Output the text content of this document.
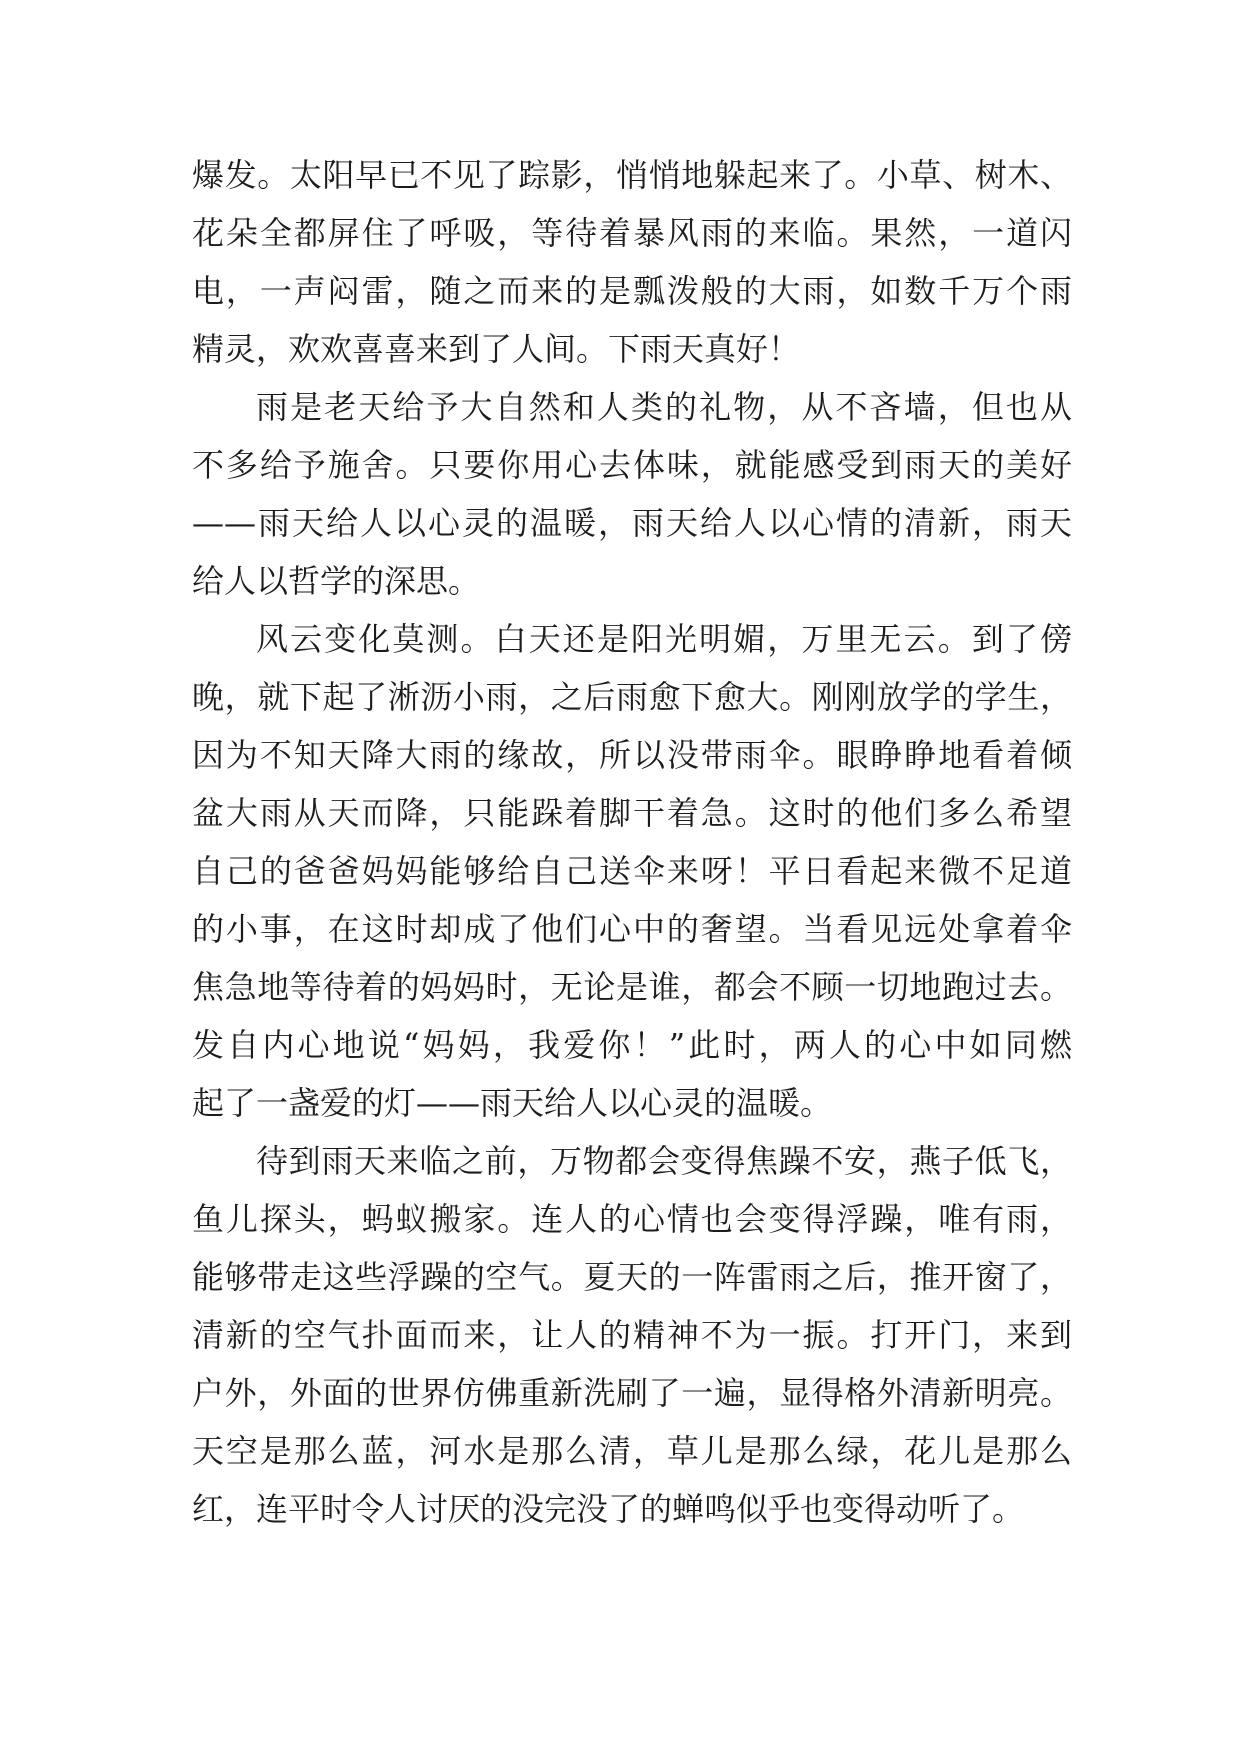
爆发。太阳早已不见了踪影，悄悄地躲起来了。小草、树木、
花朵全都屏住了呼吸，等待着暴风雨的来临。果然，一道闪
电，一声闷雷，随之而来的是瓢泼般的大雨，如数千万个雨
精灵，欢欢喜喜来到了人间。下雨天真好！
雨是老天给予大自然和人类的礼物，从不吝墙，但也从
不多给予施舍。只要你用心去体味，就能感受到雨天的美好
——雨天给人以心灵的温暖，雨天给人以心情的清新，雨天
给人以哲学的深思。
风云变化莫测。白天还是阳光明媚，万里无云。到了傍
晚，就下起了淅沥小雨，之后雨愈下愈大。刚刚放学的学生，
因为不知天降大雨的缘故，所以没带雨伞。眼睁睁地看着倾
盆大雨从天而降，只能跺着脚干着急。这时的他们多么希望
自己的爸爸妈妈能够给自己送伞来呀！平日看起来微不足道
的小事，在这时却成了他们心中的奢望。当看见远处拿着伞
焦急地等待着的妈妈时，无论是谁，都会不顾一切地跑过去。
发自内心地说“妈妈，我爱你！”此时，两人的心中如同燃
起了一盏爱的灯——雨天给人以心灵的温暖。
待到雨天来临之前，万物都会变得焦躁不安，燕子低飞，
鱼儿探头，蚂蚁搬家。连人的心情也会变得浮躁，唯有雨，
能够带走这些浮躁的空气。夏天的一阵雷雨之后，推开窗了，
清新的空气扑面而来，让人的精神不为一振。打开门，来到
户外，外面的世界仿佛重新洗刷了一遍，显得格外清新明亮。
天空是那么蓝，河水是那么清，草儿是那么绿，花儿是那么
红，连平时令人讨厌的没完没了的蝉鸣似乎也变得动听了。
